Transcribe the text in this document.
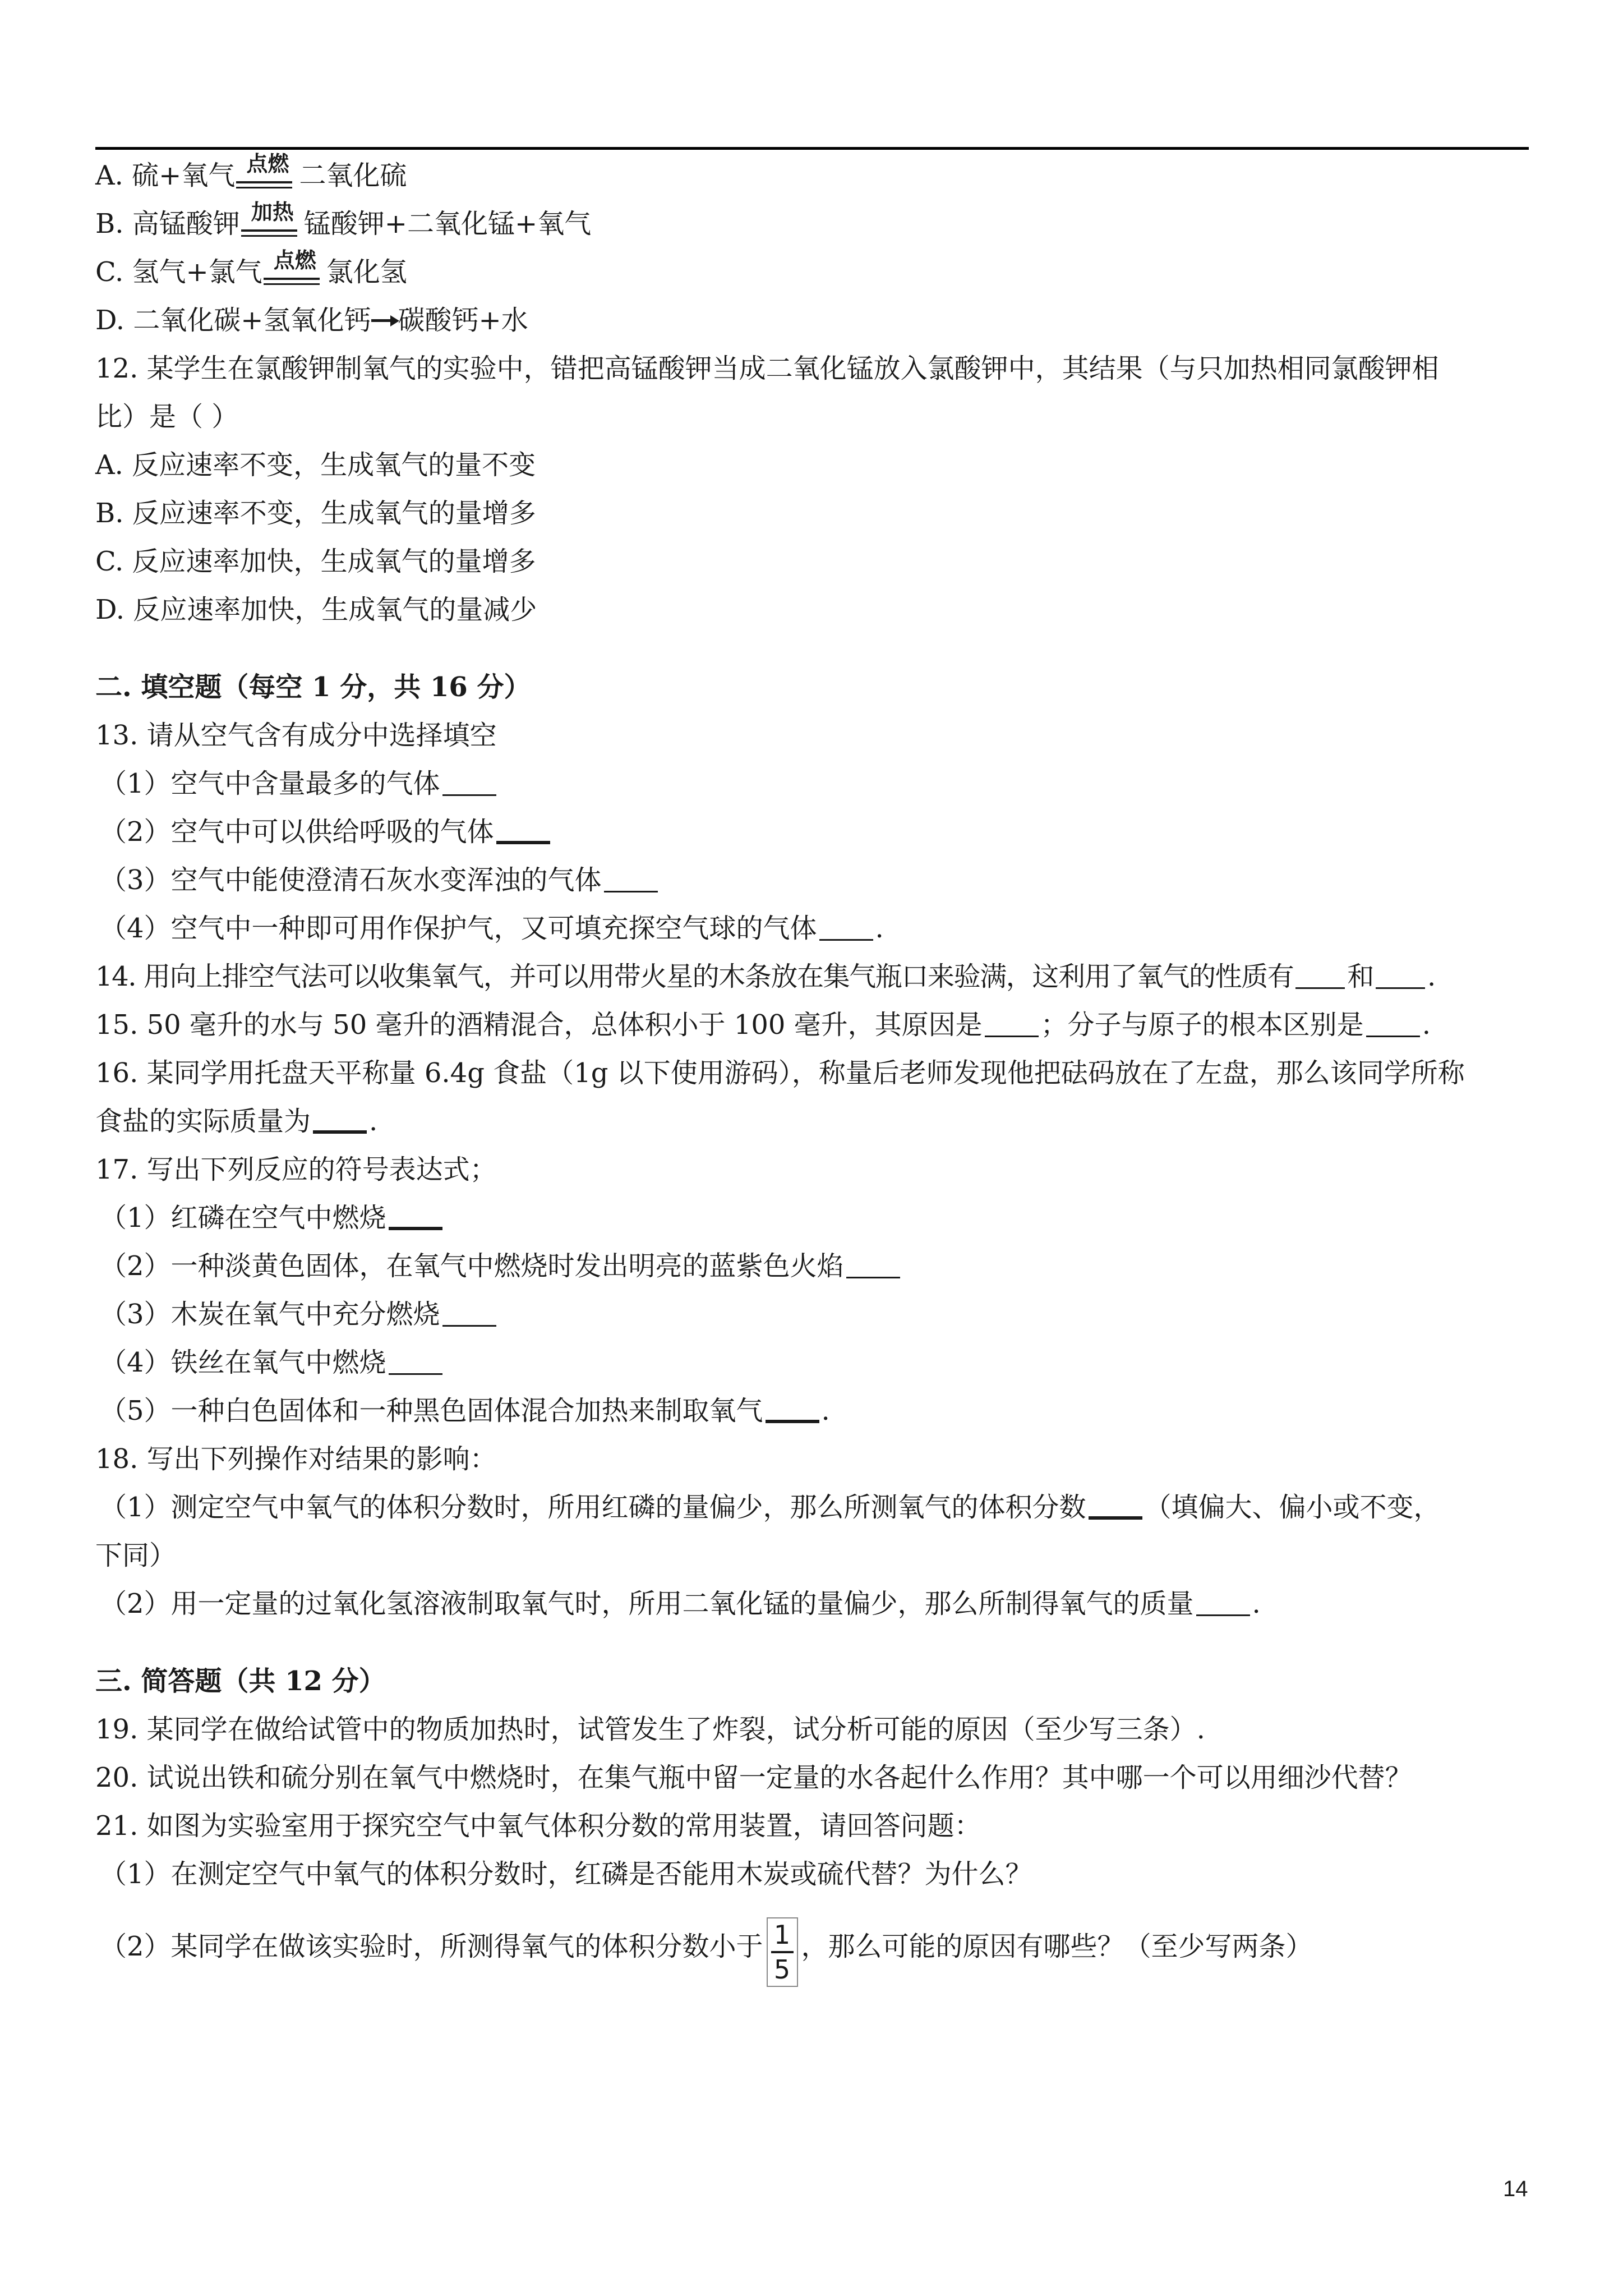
A. 硫+氧气 点燃 二氧化硫
B. 高锰酸钾 加热 锰酸钾+二氧化锰+氧气
C. 氢气+氯气 点燃 氯化氢
D. 二氧化碳+氢氧化钙 碳酸钙+水
12. 某学生在氯酸钾制氧气的实验中，错把高锰酸钾当成二氧化锰放入氯酸钾中，其结果（与只加热相同氯酸钾相
比）是（ ）
A. 反应速率不变，生成氧气的量不变
B. 反应速率不变，生成氧气的量增多
C. 反应速率加快，生成氧气的量增多
D. 反应速率加快，生成氧气的量减少
二. 填空题（每空 1 分，共 16 分）
13. 请从空气含有成分中选择填空
（1）空气中含量最多的气体
（2）空气中可以供给呼吸的气体
（3）空气中能使澄清石灰水变浑浊的气体
（4）空气中一种即可用作保护气，又可填充探空气球的气体 .
14. 用向上排空气法可以收集氧气，并可以用带火星的木条放在集气瓶口来验满，这利用了氧气的性质有 和 .
15. 50 毫升的水与 50 毫升的酒精混合，总体积小于 100 毫升，其原因是 ；分子与原子的根本区别是 .
16. 某同学用托盘天平称量 6.4g 食盐（1g 以下使用游码），称量后老师发现他把砝码放在了左盘，那么该同学所称
食盐的实际质量为 .
17. 写出下列反应的符号表达式；
（1）红磷在空气中燃烧
（2）一种淡黄色固体，在氧气中燃烧时发出明亮的蓝紫色火焰
（3）木炭在氧气中充分燃烧
（4）铁丝在氧气中燃烧
（5）一种白色固体和一种黑色固体混合加热来制取氧气 .
18. 写出下列操作对结果的影响：
（1）测定空气中氧气的体积分数时，所用红磷的量偏少，那么所测氧气的体积分数 （填偏大、偏小或不变，
下同）
（2）用一定量的过氧化氢溶液制取氧气时，所用二氧化锰的量偏少，那么所制得氧气的质量 .
三. 简答题（共 12 分）
19. 某同学在做给试管中的物质加热时，试管发生了炸裂，试分析可能的原因（至少写三条）.
20. 试说出铁和硫分别在氧气中燃烧时，在集气瓶中留一定量的水各起什么作用？其中哪一个可以用细沙代替？
21. 如图为实验室用于探究空气中氧气体积分数的常用装置，请回答问题：
（1）在测定空气中氧气的体积分数时，红磷是否能用木炭或硫代替？为什么？
（2）某同学在做该实验时，所测得氧气的体积分数小于 $\frac{1}{5}$ ，那么可能的原因有哪些？（至少写两条）
14
